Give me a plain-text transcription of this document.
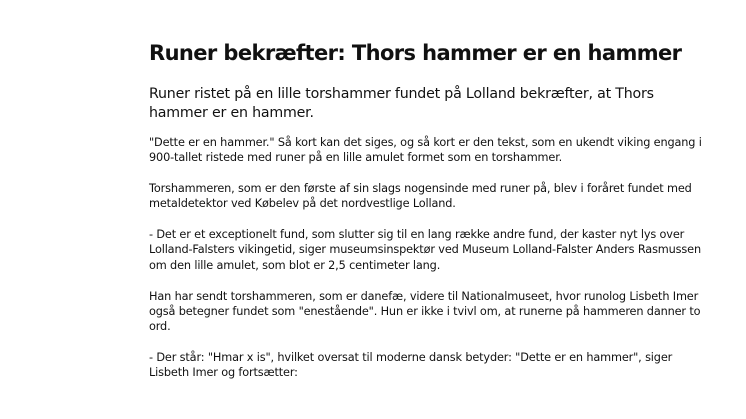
Runer bekræfter: Thors hammer er en hammer

Runer ristet på en lille torshammer fundet på Lolland bekræfter, at Thors hammer er en hammer.

"Dette er en hammer." Så kort kan det siges, og så kort er den tekst, som en ukendt viking engang i 900-tallet ristede med runer på en lille amulet formet som en torshammer.

Torshammeren, som er den første af sin slags nogensinde med runer på, blev i foråret fundet med metaldetektor ved Købelev på det nordvestlige Lolland.

- Det er et exceptionelt fund, som slutter sig til en lang række andre fund, der kaster nyt lys over Lolland-Falsters vikingetid, siger museumsinspektør ved Museum Lolland-Falster Anders Rasmussen om den lille amulet, som blot er 2,5 centimeter lang.

Han har sendt torshammeren, som er danefæ, videre til Nationalmuseet, hvor runolog Lisbeth Imer også betegner fundet som "enestående". Hun er ikke i tvivl om, at runerne på hammeren danner to ord.

- Der står: "Hmar x is", hvilket oversat til moderne dansk betyder: "Dette er en hammer", siger Lisbeth Imer og fortsætter:
